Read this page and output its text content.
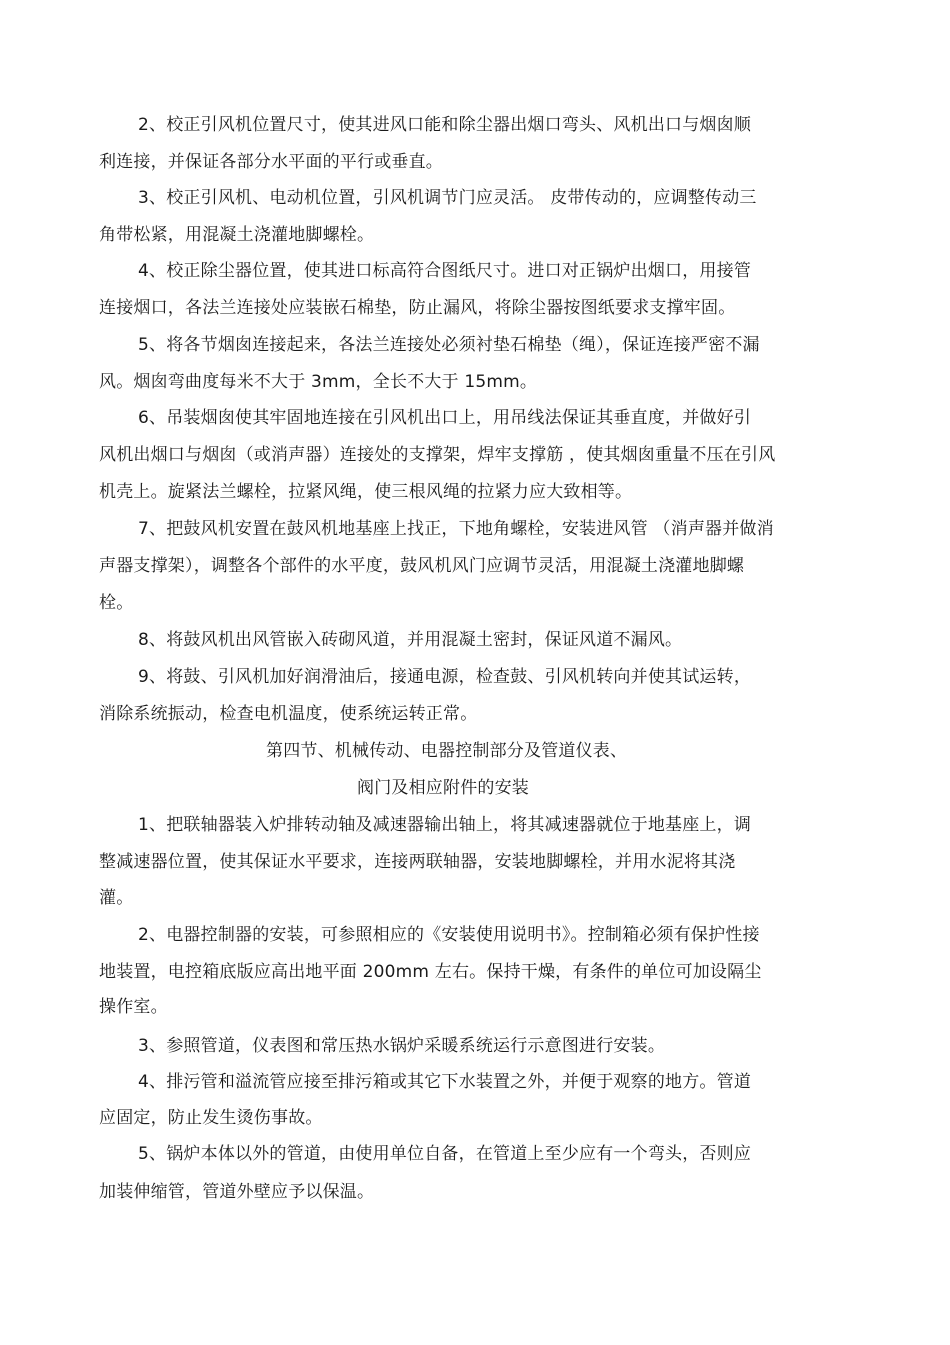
2、校正引风机位置尺寸，使其进风口能和除尘器出烟口弯头、风机出口与烟囱顺
利连接，并保证各部分水平面的平行或垂直。
3、校正引风机、电动机位置，引风机调节门应灵活。 皮带传动的，应调整传动三
角带松紧，用混凝土浇灌地脚螺栓。
4、校正除尘器位置，使其进口标高符合图纸尺寸。进口对正锅炉出烟口，用接管
连接烟口，各法兰连接处应装嵌石棉垫，防止漏风，将除尘器按图纸要求支撑牢固。
5、将各节烟囱连接起来，各法兰连接处必须衬垫石棉垫（绳），保证连接严密不漏
风。烟囱弯曲度每米不大于 3mm，全长不大于 15mm。
6、吊装烟囱使其牢固地连接在引风机出口上，用吊线法保证其垂直度，并做好引
风机出烟口与烟囱（或消声器）连接处的支撑架，焊牢支撑筋 ，使其烟囱重量不压在引风
机壳上。旋紧法兰螺栓，拉紧风绳，使三根风绳的拉紧力应大致相等。
7、把鼓风机安置在鼓风机地基座上找正，下地角螺栓，安装进风管 （消声器并做消
声器支撑架），调整各个部件的水平度，鼓风机风门应调节灵活，用混凝土浇灌地脚螺
栓。
8、将鼓风机出风管嵌入砖砌风道，并用混凝土密封，保证风道不漏风。
9、将鼓、引风机加好润滑油后，接通电源，检查鼓、引风机转向并使其试运转，
消除系统振动，检查电机温度，使系统运转正常。
第四节、机械传动、电器控制部分及管道仪表、
阀门及相应附件的安装
1、把联轴器装入炉排转动轴及减速器输出轴上，将其减速器就位于地基座上，调
整减速器位置，使其保证水平要求，连接两联轴器，安装地脚螺栓，并用水泥将其浇
灌。
2、电器控制器的安装，可参照相应的《安装使用说明书》。控制箱必须有保护性接
地装置，电控箱底版应高出地平面 200mm 左右。保持干燥，有条件的单位可加设隔尘
操作室。
3、参照管道，仪表图和常压热水锅炉采暖系统运行示意图进行安装。
4、排污管和溢流管应接至排污箱或其它下水装置之外，并便于观察的地方。管道
应固定，防止发生烫伤事故。
5、锅炉本体以外的管道，由使用单位自备，在管道上至少应有一个弯头，否则应
加装伸缩管，管道外壁应予以保温。
